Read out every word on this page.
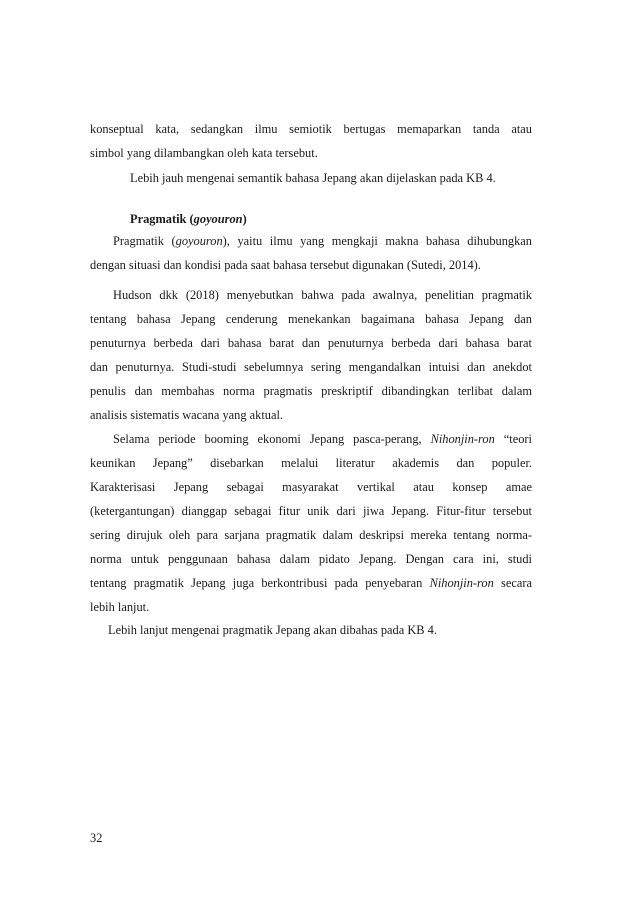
konseptual kata, sedangkan ilmu semiotik bertugas memaparkan tanda atau
simbol yang dilambangkan oleh kata tersebut.
Lebih jauh mengenai semantik bahasa Jepang akan dijelaskan pada KB 4.
Pragmatik (goyouron)
Pragmatik (goyouron), yaitu ilmu yang mengkaji makna bahasa dihubungkan
dengan situasi dan kondisi pada saat bahasa tersebut digunakan (Sutedi, 2014).
Hudson dkk (2018) menyebutkan bahwa pada awalnya, penelitian pragmatik
tentang bahasa Jepang cenderung menekankan bagaimana bahasa Jepang dan
penuturnya berbeda dari bahasa barat dan penuturnya berbeda dari bahasa barat
dan penuturnya. Studi-studi sebelumnya sering mengandalkan intuisi dan anekdot
penulis dan membahas norma pragmatis preskriptif dibandingkan terlibat dalam
analisis sistematis wacana yang aktual.
Selama periode booming ekonomi Jepang pasca-perang, Nihonjin-ron “teori
keunikan Jepang” disebarkan melalui literatur akademis dan populer.
Karakterisasi Jepang sebagai masyarakat vertikal atau konsep amae
(ketergantungan) dianggap sebagai fitur unik dari jiwa Jepang. Fitur-fitur tersebut
sering dirujuk oleh para sarjana pragmatik dalam deskripsi mereka tentang norma-
norma untuk penggunaan bahasa dalam pidato Jepang. Dengan cara ini, studi
tentang pragmatik Jepang juga berkontribusi pada penyebaran Nihonjin-ron secara
lebih lanjut.
Lebih lanjut mengenai pragmatik Jepang akan dibahas pada KB 4.
32
